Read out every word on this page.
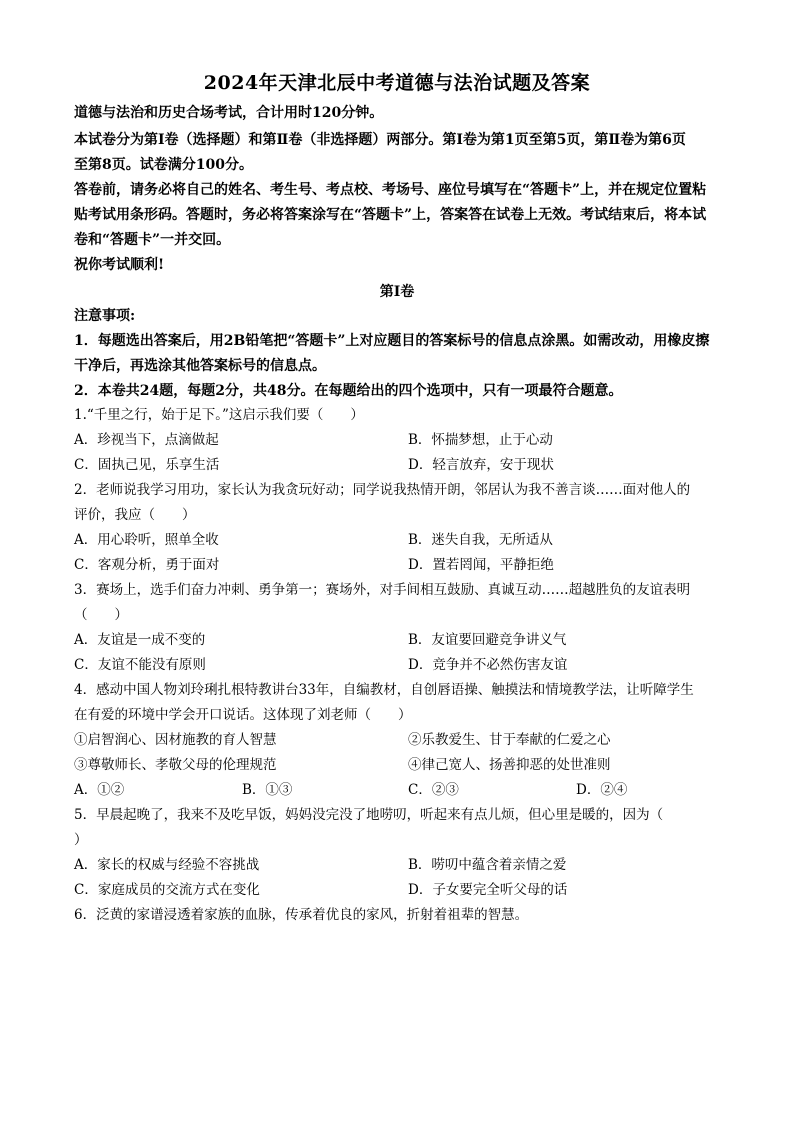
2024年天津北辰中考道德与法治试题及答案
道德与法治和历史合场考试，合计用时120分钟。
本试卷分为第Ⅰ卷（选择题）和第Ⅱ卷（非选择题）两部分。第Ⅰ卷为第1页至第5页，第Ⅱ卷为第6页
至第8页。试卷满分100分。
答卷前，请务必将自己的姓名、考生号、考点校、考场号、座位号填写在“答题卡”上，并在规定位置粘
贴考试用条形码。答题时，务必将答案涂写在“答题卡”上，答案答在试卷上无效。考试结束后，将本试
卷和“答题卡”一并交回。
祝你考试顺利!
第Ⅰ卷
注意事项:
1．每题选出答案后，用2B铅笔把“答题卡”上对应题目的答案标号的信息点涂黑。如需改动，用橡皮擦
干净后，再选涂其他答案标号的信息点。
2．本卷共24题，每题2分，共48分。在每题给出的四个选项中，只有一项最符合题意。
1.“千里之行，始于足下。”这启示我们要（　　）
A．珍视当下，点滴做起	B．怀揣梦想，止于心动
C．固执己见，乐享生活	D．轻言放弃，安于现状
2．老师说我学习用功，家长认为我贪玩好动；同学说我热情开朗，邻居认为我不善言谈……面对他人的
评价，我应（　　）
A．用心聆听，照单全收	B．迷失自我，无所适从
C．客观分析，勇于面对	D．置若罔闻，平静拒绝
3．赛场上，选手们奋力冲刺、勇争第一；赛场外，对手间相互鼓励、真诚互动……超越胜负的友谊表明
（　　）
A．友谊是一成不变的	B．友谊要回避竞争讲义气
C．友谊不能没有原则	D．竞争并不必然伤害友谊
4．感动中国人物刘玲琍扎根特教讲台33年，自编教材，自创唇语操、触摸法和情境教学法，让听障学生
在有爱的环境中学会开口说话。这体现了刘老师（　　）
①启智润心、因材施教的育人智慧	②乐教爱生、甘于奉献的仁爱之心
③尊敬师长、孝敬父母的伦理规范	④律己宽人、扬善抑恶的处世准则
A．①②	B．①③	C．②③	D．②④
5．早晨起晚了，我来不及吃早饭，妈妈没完没了地唠叨，听起来有点儿烦，但心里是暖的，因为（
）
A．家长的权威与经验不容挑战	B．唠叨中蕴含着亲情之爱
C．家庭成员的交流方式在变化	D．子女要完全听父母的话
6．泛黄的家谱浸透着家族的血脉，传承着优良的家风，折射着祖辈的智慧。
